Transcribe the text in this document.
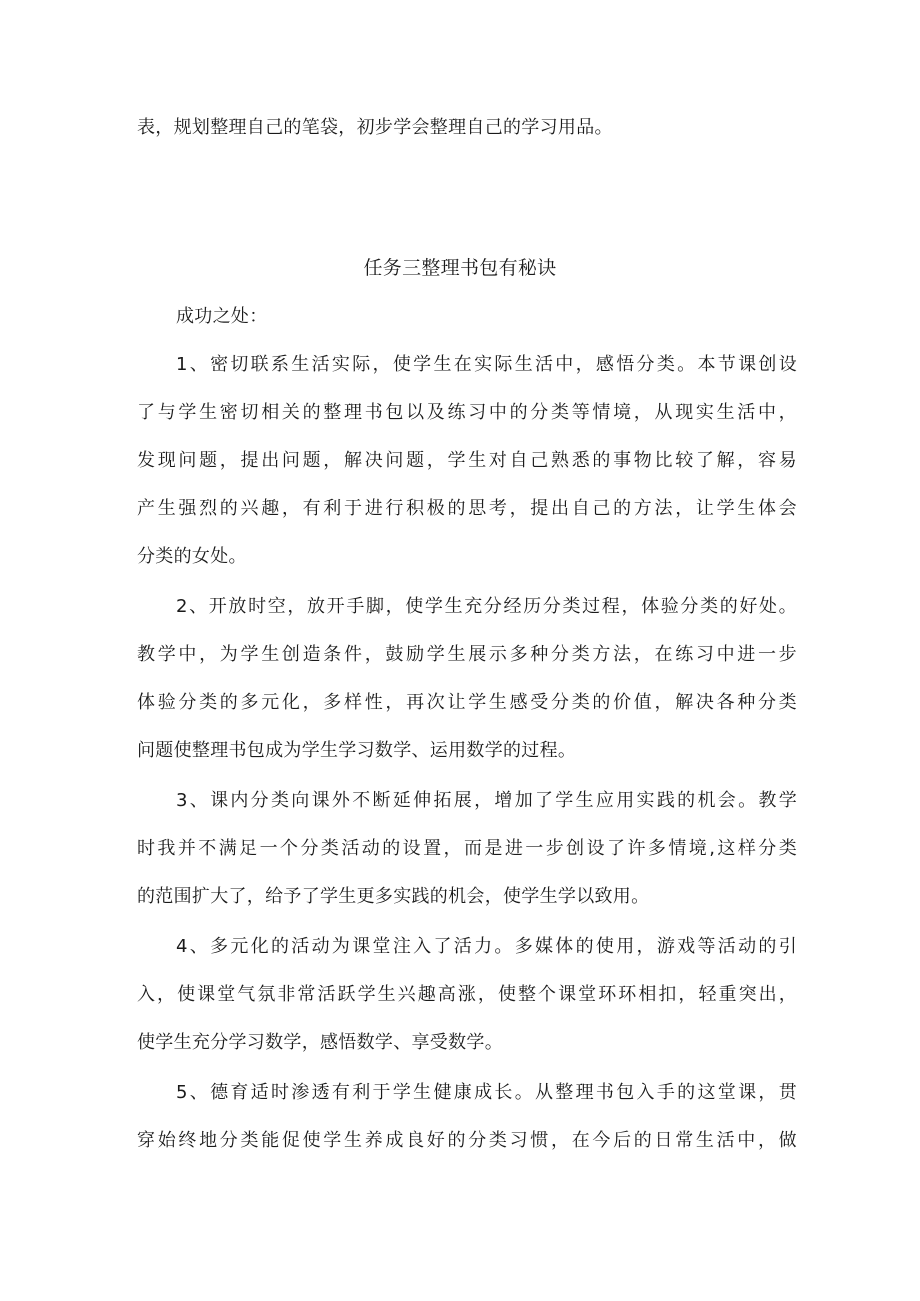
表，规划整理自己的笔袋，初步学会整理自己的学习用品。
任务三整理书包有秘诀
成功之处：
1、密切联系生活实际，使学生在实际生活中，感悟分类。本节课创设
了与学生密切相关的整理书包以及练习中的分类等情境，从现实生活中，
发现问题，提出问题，解决问题，学生对自己熟悉的事物比较了解，容易
产生强烈的兴趣，有利于进行积极的思考，提出自己的方法，让学生体会
分类的女处。
2、开放时空，放开手脚，使学生充分经历分类过程，体验分类的好处。
教学中，为学生创造条件，鼓励学生展示多种分类方法，在练习中进一步
体验分类的多元化，多样性，再次让学生感受分类的价值，解决各种分类
问题使整理书包成为学生学习数学、运用数学的过程。
3、课内分类向课外不断延伸拓展，增加了学生应用实践的机会。教学
时我并不满足一个分类活动的设置，而是进一步创设了许多情境,这样分类
的范围扩大了，给予了学生更多实践的机会，使学生学以致用。
4、多元化的活动为课堂注入了活力。多媒体的使用，游戏等活动的引
入，使课堂气氛非常活跃学生兴趣高涨，使整个课堂环环相扣，轻重突出，
使学生充分学习数学，感悟数学、享受数学。
5、德育适时渗透有利于学生健康成长。从整理书包入手的这堂课，贯
穿始终地分类能促使学生养成良好的分类习惯，在今后的日常生活中，做
